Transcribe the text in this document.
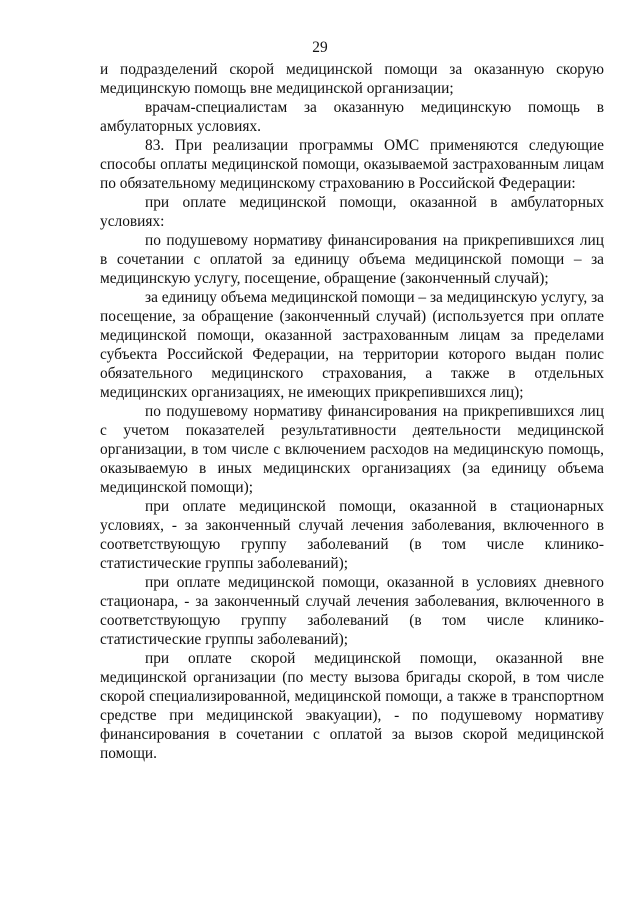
29

и подразделений скорой медицинской помощи за оказанную скорую медицинскую помощь вне медицинской организации;

врачам-специалистам за оказанную медицинскую помощь в амбулаторных условиях.

83. При реализации программы ОМС применяются следующие способы оплаты медицинской помощи, оказываемой застрахованным лицам по обязательному медицинскому страхованию в Российской Федерации:

при оплате медицинской помощи, оказанной в амбулаторных условиях:

по подушевому нормативу финансирования на прикрепившихся лиц в сочетании с оплатой за единицу объема медицинской помощи – за медицинскую услугу, посещение, обращение (законченный случай);

за единицу объема медицинской помощи – за медицинскую услугу, за посещение, за обращение (законченный случай) (используется при оплате медицинской помощи, оказанной застрахованным лицам за пределами субъекта Российской Федерации, на территории которого выдан полис обязательного медицинского страхования, а также в отдельных медицинских организациях, не имеющих прикрепившихся лиц);

по подушевому нормативу финансирования на прикрепившихся лиц с учетом показателей результативности деятельности медицинской организации, в том числе с включением расходов на медицинскую помощь, оказываемую в иных медицинских организациях (за единицу объема медицинской помощи);

при оплате медицинской помощи, оказанной в стационарных условиях, - за законченный случай лечения заболевания, включенного в соответствующую группу заболеваний (в том числе клинико-статистические группы заболеваний);

при оплате медицинской помощи, оказанной в условиях дневного стационара, - за законченный случай лечения заболевания, включенного в соответствующую группу заболеваний (в том числе клинико-статистические группы заболеваний);

при оплате скорой медицинской помощи, оказанной вне медицинской организации (по месту вызова бригады скорой, в том числе скорой специализированной, медицинской помощи, а также в транспортном средстве при медицинской эвакуации), - по подушевому нормативу финансирования в сочетании с оплатой за вызов скорой медицинской помощи.
